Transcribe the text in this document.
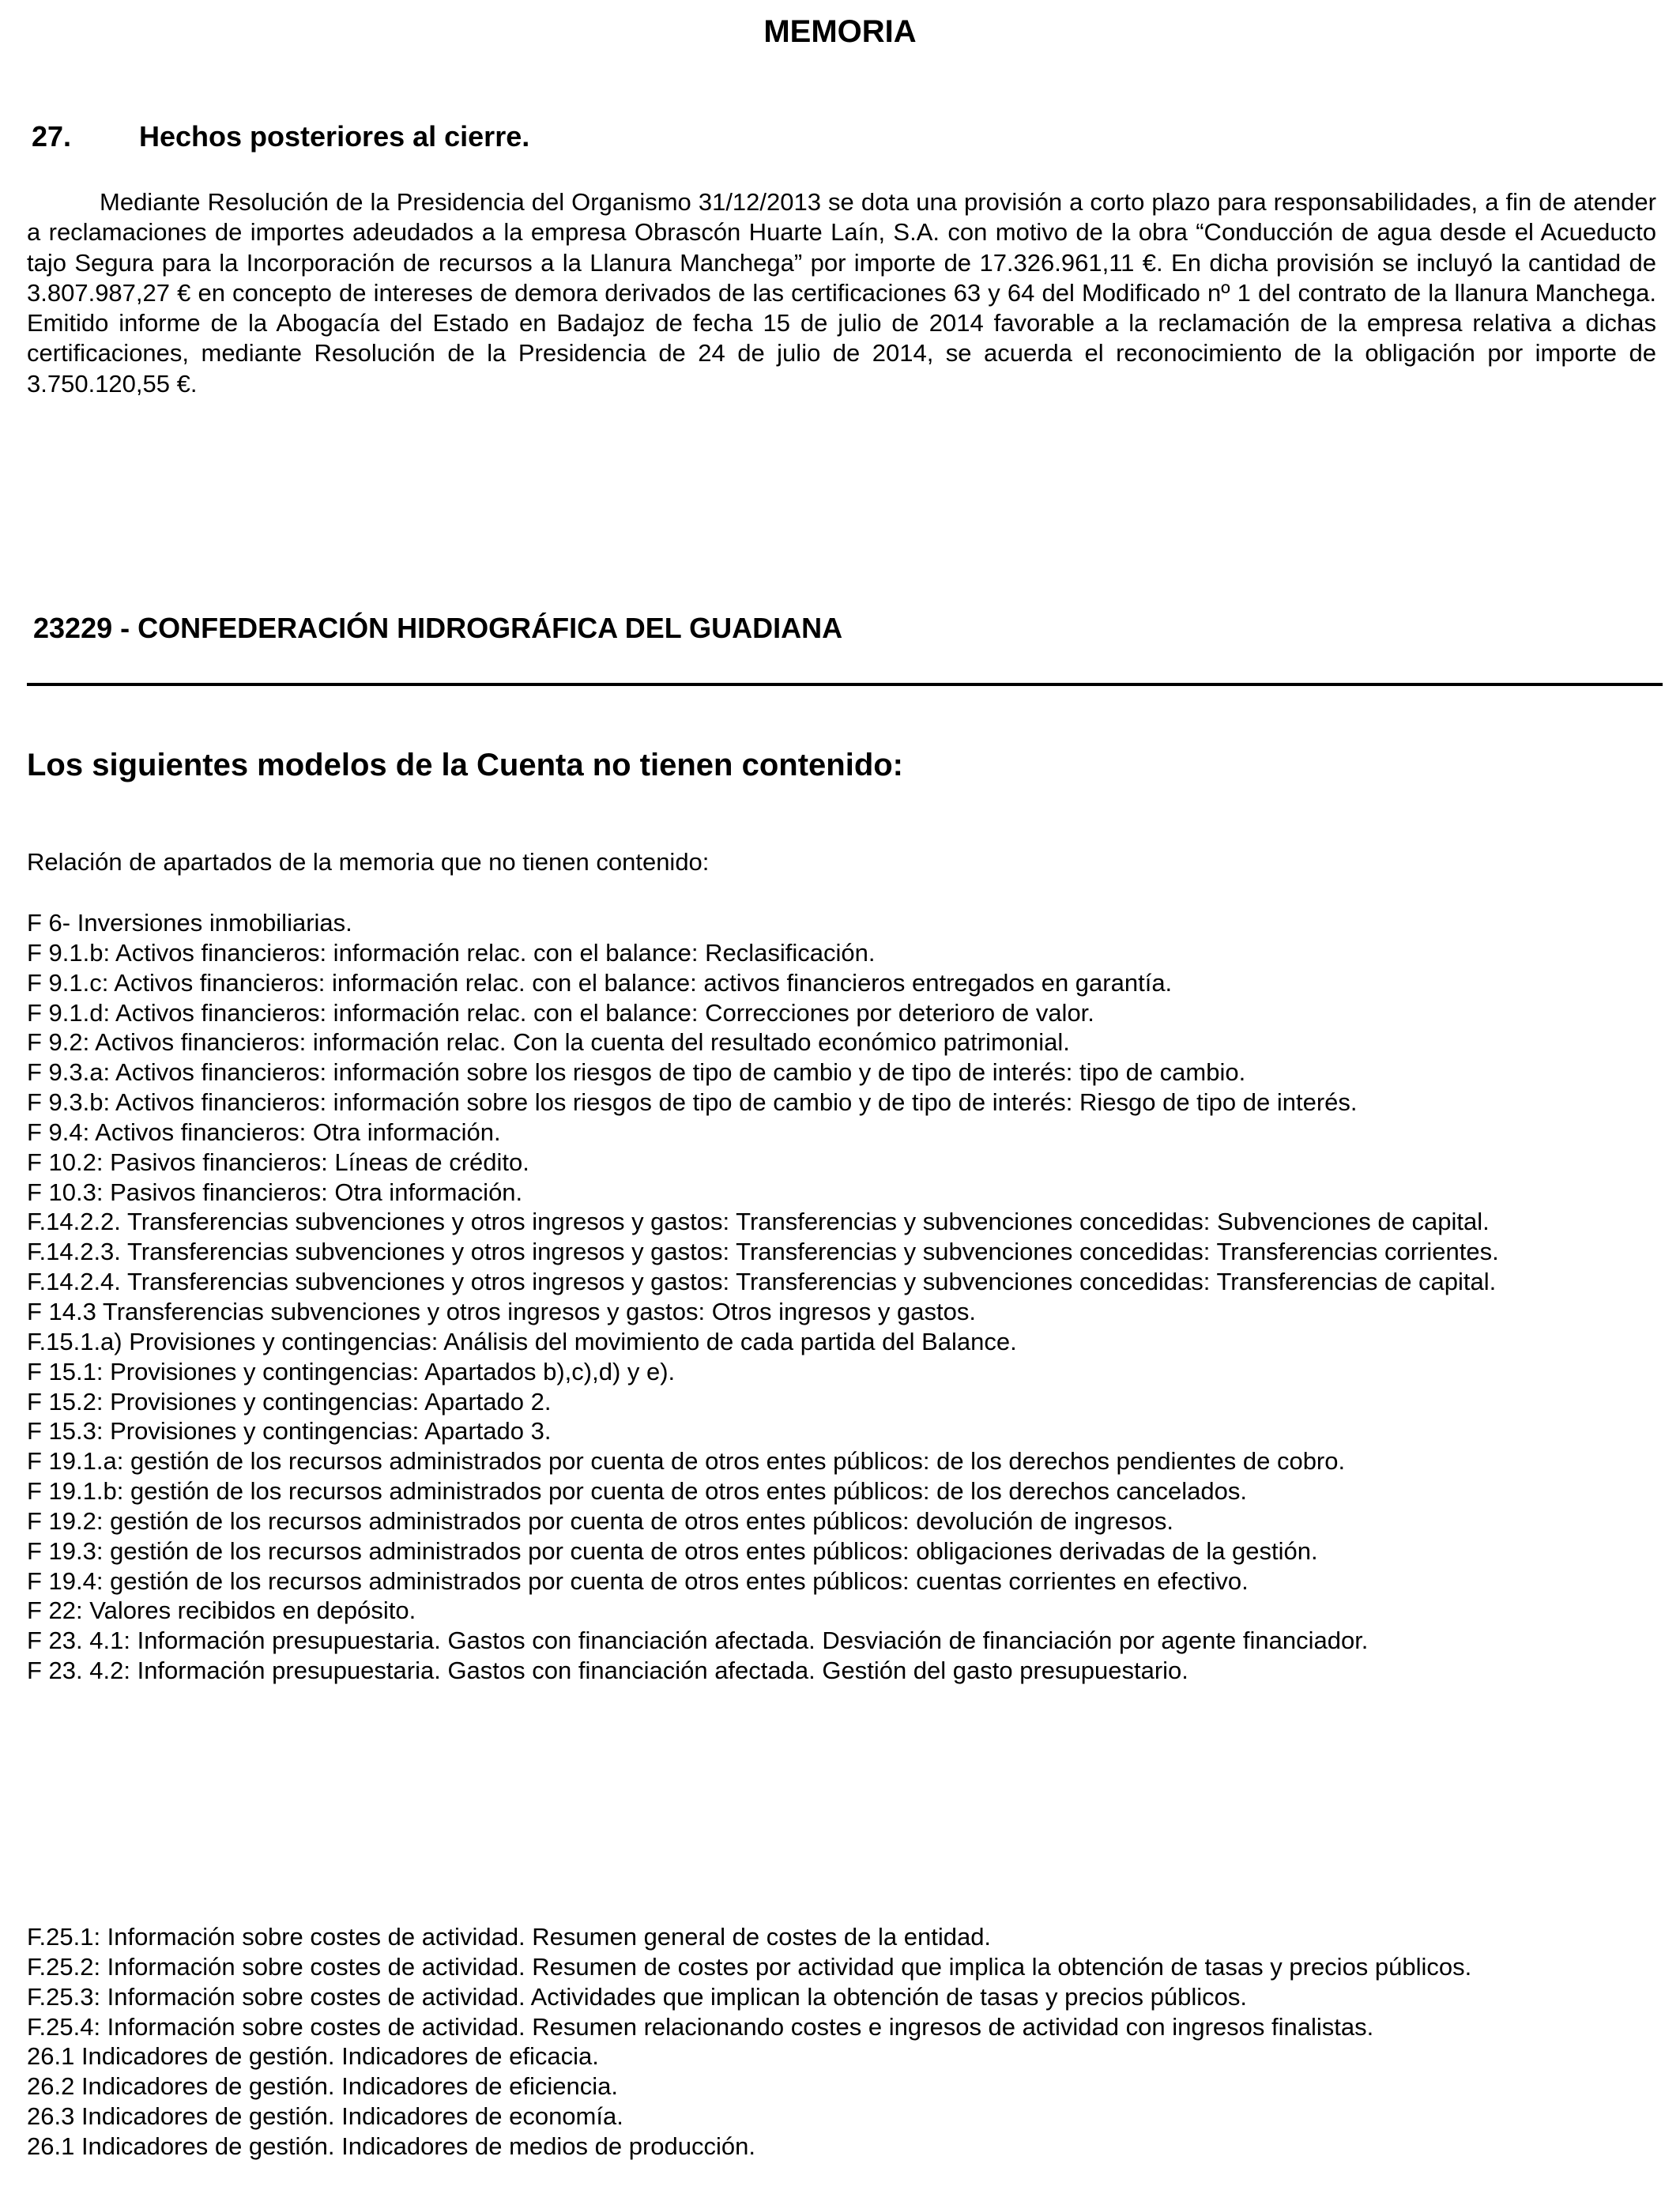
MEMORIA
27. Hechos posteriores al cierre.

Mediante Resolución de la Presidencia del Organismo 31/12/2013 se dota una provisión a corto plazo para responsabilidades, a fin de atender a reclamaciones de importes adeudados a la empresa Obrascón Huarte Laín, S.A. con motivo de la obra “Conducción de agua desde el Acueducto tajo Segura para la Incorporación de recursos a la Llanura Manchega” por importe de 17.326.961,11 €. En dicha provisión se incluyó la cantidad de 3.807.987,27 € en concepto de intereses de demora derivados de las certificaciones 63 y 64 del Modificado nº 1 del contrato de la llanura Manchega. Emitido informe de la Abogacía del Estado en Badajoz de fecha 15 de julio de 2014 favorable a la reclamación de la empresa relativa a dichas certificaciones, mediante Resolución de la Presidencia de 24 de julio de 2014, se acuerda el reconocimiento de la obligación por importe de 3.750.120,55 €.

23229 - CONFEDERACIÓN HIDROGRÁFICA DEL GUADIANA
Los siguientes modelos de la Cuenta no tienen contenido:
Relación de apartados de la memoria que no tienen contenido:
F 6- Inversiones inmobiliarias.
F 9.1.b: Activos financieros: información relac. con el balance: Reclasificación.
F 9.1.c: Activos financieros: información relac. con el balance: activos financieros entregados en garantía.
F 9.1.d: Activos financieros: información relac. con el balance: Correcciones por deterioro de valor.
F 9.2: Activos financieros: información relac. Con la cuenta del resultado económico patrimonial.
F 9.3.a: Activos financieros: información sobre los riesgos de tipo de cambio y de tipo de interés: tipo de cambio.
F 9.3.b: Activos financieros: información sobre los riesgos de tipo de cambio y de tipo de interés: Riesgo de tipo de interés.
F 9.4: Activos financieros: Otra información.
F 10.2: Pasivos financieros: Líneas de crédito.
F 10.3: Pasivos financieros: Otra información.
F.14.2.2. Transferencias subvenciones y otros ingresos y gastos: Transferencias y subvenciones concedidas: Subvenciones de capital.
F.14.2.3. Transferencias subvenciones y otros ingresos y gastos: Transferencias y subvenciones concedidas: Transferencias corrientes.
F.14.2.4. Transferencias subvenciones y otros ingresos y gastos: Transferencias y subvenciones concedidas: Transferencias de capital.
F 14.3 Transferencias subvenciones y otros ingresos y gastos: Otros ingresos y gastos.
F.15.1.a) Provisiones y contingencias: Análisis del movimiento de cada partida del Balance.
F 15.1: Provisiones y contingencias: Apartados b),c),d) y e).
F 15.2: Provisiones y contingencias: Apartado 2.
F 15.3: Provisiones y contingencias: Apartado 3.
F 19.1.a: gestión de los recursos administrados por cuenta de otros entes públicos: de los derechos pendientes de cobro.
F 19.1.b: gestión de los recursos administrados por cuenta de otros entes públicos: de los derechos cancelados.
F 19.2: gestión de los recursos administrados por cuenta de otros entes públicos: devolución de ingresos.
F 19.3: gestión de los recursos administrados por cuenta de otros entes públicos: obligaciones derivadas de la gestión.
F 19.4: gestión de los recursos administrados por cuenta de otros entes públicos: cuentas corrientes en efectivo.
F 22: Valores recibidos en depósito.
F 23. 4.1: Información presupuestaria. Gastos con financiación afectada. Desviación de financiación por agente financiador.
F 23. 4.2: Información presupuestaria. Gastos con financiación afectada. Gestión del gasto presupuestario.
F.25.1: Información sobre costes de actividad. Resumen general de costes de la entidad.
F.25.2: Información sobre costes de actividad. Resumen de costes por actividad que implica la obtención de tasas y precios públicos.
F.25.3: Información sobre costes de actividad. Actividades que implican la obtención de tasas y precios públicos.
F.25.4: Información sobre costes de actividad. Resumen relacionando costes e ingresos de actividad con ingresos finalistas.
26.1 Indicadores de gestión. Indicadores de eficacia.
26.2 Indicadores de gestión. Indicadores de eficiencia.
26.3 Indicadores de gestión. Indicadores de economía.
26.1 Indicadores de gestión. Indicadores de medios de producción.
